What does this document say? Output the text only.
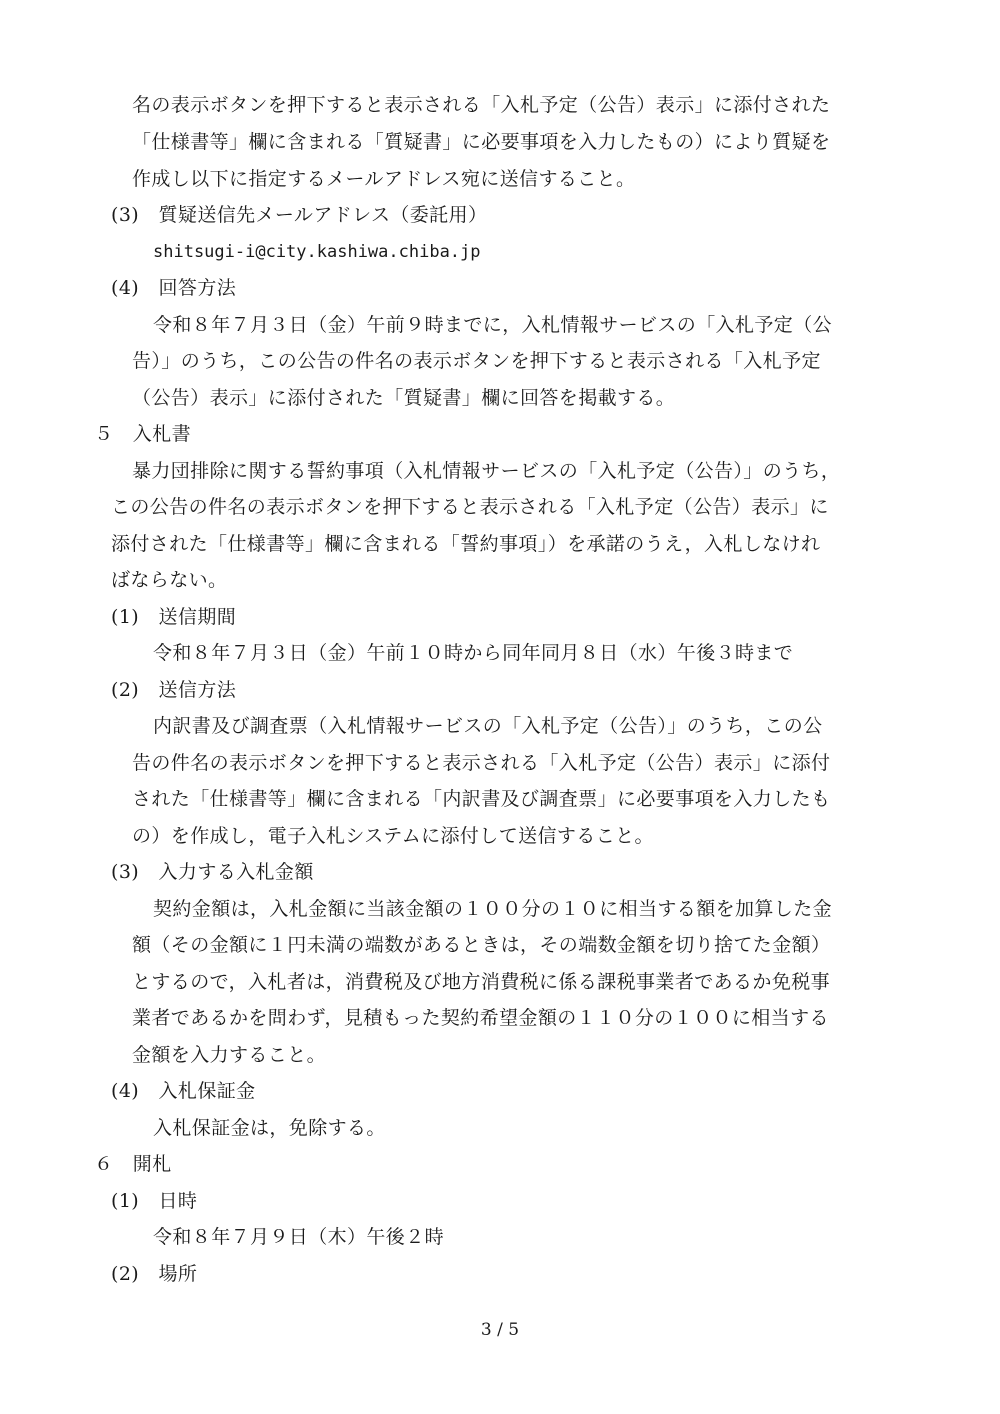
名の表示ボタンを押下すると表示される「入札予定（公告）表示」に添付された
「仕様書等」欄に含まれる「質疑書」に必要事項を入力したもの）により質疑を
作成し以下に指定するメールアドレス宛に送信すること。
(3)　質疑送信先メールアドレス（委託用）
shitsugi-i@city.kashiwa.chiba.jp
(4)　回答方法
令和８年７月３日（金）午前９時までに，入札情報サービスの「入札予定（公
告）」のうち，この公告の件名の表示ボタンを押下すると表示される「入札予定
（公告）表示」に添付された「質疑書」欄に回答を掲載する。
５　入札書
暴力団排除に関する誓約事項（入札情報サービスの「入札予定（公告）」のうち，
この公告の件名の表示ボタンを押下すると表示される「入札予定（公告）表示」に
添付された「仕様書等」欄に含まれる「誓約事項」）を承諾のうえ，入札しなけれ
ばならない。
(1)　送信期間
令和８年７月３日（金）午前１０時から同年同月８日（水）午後３時まで
(2)　送信方法
内訳書及び調査票（入札情報サービスの「入札予定（公告）」のうち，この公
告の件名の表示ボタンを押下すると表示される「入札予定（公告）表示」に添付
された「仕様書等」欄に含まれる「内訳書及び調査票」に必要事項を入力したも
の）を作成し，電子入札システムに添付して送信すること。
(3)　入力する入札金額
契約金額は，入札金額に当該金額の１００分の１０に相当する額を加算した金
額（その金額に１円未満の端数があるときは，その端数金額を切り捨てた金額）
とするので，入札者は，消費税及び地方消費税に係る課税事業者であるか免税事
業者であるかを問わず，見積もった契約希望金額の１１０分の１００に相当する
金額を入力すること。
(4)　入札保証金
入札保証金は，免除する。
６　開札
(1)　日時
令和８年７月９日（木）午後２時
(2)　場所
3 / 5
